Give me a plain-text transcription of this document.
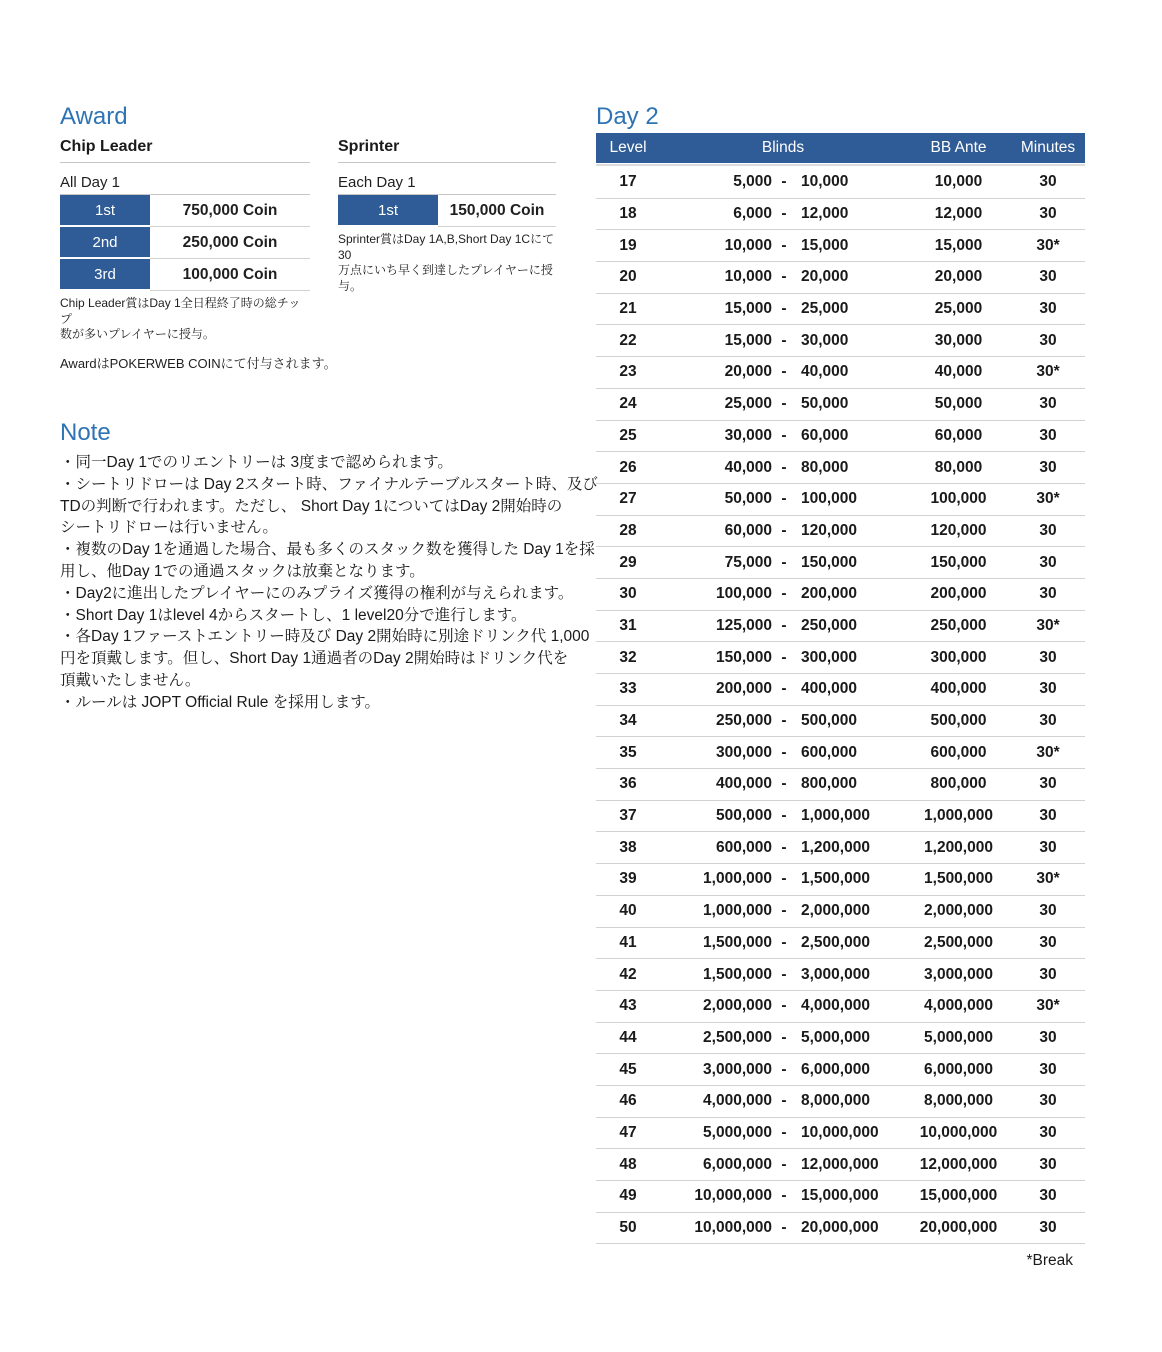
Award
Chip Leader
All Day 1
1st	750,000 Coin
2nd	250,000 Coin
3rd	100,000 Coin
Chip Leader賞はDay 1全日程終了時の総チップ
数が多いプレイヤーに授与。
Sprinter
Each Day 1
1st	150,000 Coin
Sprinter賞はDay 1A,B,Short Day 1Cにて30
万点にいち早く到達したプレイヤーに授
与。
AwardはPOKERWEB COINにて付与されます。
Note
・同一Day 1でのリエントリーは 3度まで認められます。
・シートリドローは Day 2スタート時、ファイナルテーブルスタート時、及び
TDの判断で行われます。ただし、 Short Day 1についてはDay 2開始時の
シートリドローは行いません。
・複数のDay 1を通過した場合、最も多くのスタック数を獲得した Day 1を採
用し、他Day 1での通過スタックは放棄となります。
・Day2に進出したプレイヤーにのみプライズ獲得の権利が与えられます。
・Short Day 1はlevel 4からスタートし、1 level20分で進行します。
・各Day 1ファーストエントリー時及び Day 2開始時に別途ドリンク代 1,000
円を頂戴します。但し、Short Day 1通過者のDay 2開始時はドリンク代を
頂戴いたしません。
・ルールは JOPT Official Rule を採用します。
Day 2
Level	Blinds	BB Ante	Minutes
17	5,000 - 10,000	10,000	30
18	6,000 - 12,000	12,000	30
19	10,000 - 15,000	15,000	30*
20	10,000 - 20,000	20,000	30
21	15,000 - 25,000	25,000	30
22	15,000 - 30,000	30,000	30
23	20,000 - 40,000	40,000	30*
24	25,000 - 50,000	50,000	30
25	30,000 - 60,000	60,000	30
26	40,000 - 80,000	80,000	30
27	50,000 - 100,000	100,000	30*
28	60,000 - 120,000	120,000	30
29	75,000 - 150,000	150,000	30
30	100,000 - 200,000	200,000	30
31	125,000 - 250,000	250,000	30*
32	150,000 - 300,000	300,000	30
33	200,000 - 400,000	400,000	30
34	250,000 - 500,000	500,000	30
35	300,000 - 600,000	600,000	30*
36	400,000 - 800,000	800,000	30
37	500,000 - 1,000,000	1,000,000	30
38	600,000 - 1,200,000	1,200,000	30
39	1,000,000 - 1,500,000	1,500,000	30*
40	1,000,000 - 2,000,000	2,000,000	30
41	1,500,000 - 2,500,000	2,500,000	30
42	1,500,000 - 3,000,000	3,000,000	30
43	2,000,000 - 4,000,000	4,000,000	30*
44	2,500,000 - 5,000,000	5,000,000	30
45	3,000,000 - 6,000,000	6,000,000	30
46	4,000,000 - 8,000,000	8,000,000	30
47	5,000,000 - 10,000,000	10,000,000	30
48	6,000,000 - 12,000,000	12,000,000	30
49	10,000,000 - 15,000,000	15,000,000	30
50	10,000,000 - 20,000,000	20,000,000	30
*Break
